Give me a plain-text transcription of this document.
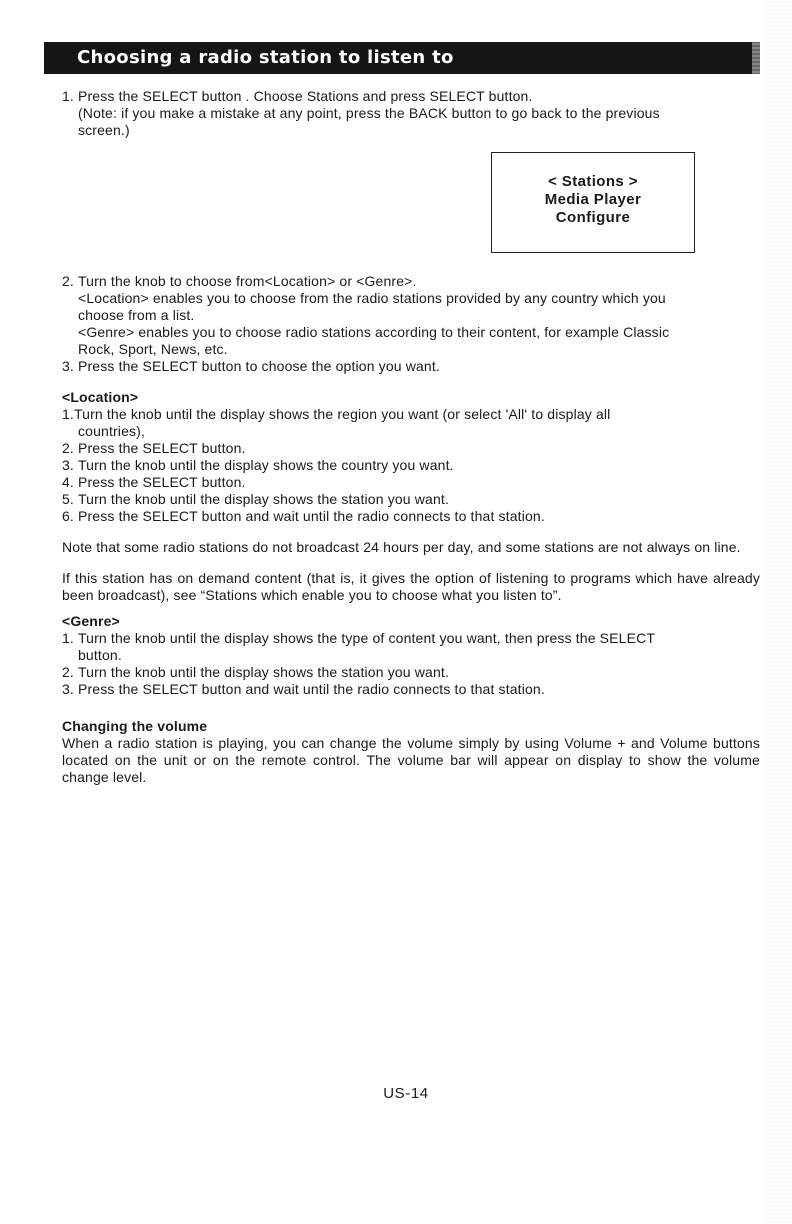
Choosing a radio station to listen to
1. Press the SELECT button . Choose Stations and press SELECT button.

(Note: if you make a mistake at any point, press the BACK button to go back to the previous

screen.)

< Stations >
Media Player
Configure
2. Turn the knob to choose from<Location> or <Genre>.

<Location> enables you to choose from the radio stations provided by any country which you

choose from a list.

<Genre> enables you to choose radio stations according to their content, for example Classic

Rock, Sport, News, etc.

3. Press the SELECT button to choose the option you want.

<Location>

1.Turn the knob until the display shows the region you want (or select 'All' to display all

countries),

2. Press the SELECT button.

3. Turn the knob until the display shows the country you want.

4. Press the SELECT button.

5. Turn the knob until the display shows the station you want.

6. Press the SELECT button and wait until the radio connects to that station.

Note that some radio stations do not broadcast 24 hours per day, and some stations are not always on line.

If this station has on demand content (that is, it gives the option of listening to programs which have already been broadcast), see “Stations which enable you to choose what you listen to”.

<Genre>

1. Turn the knob until the display shows the type of content you want, then press the SELECT

button.

2. Turn the knob until the display shows the station you want.

3. Press the SELECT button and wait until the radio connects to that station.

Changing the volume

When a radio station is playing, you can change the volume simply by using Volume + and Volume buttons located on the unit or on the remote control. The volume bar will appear on display to show the volume change level.

US-14
